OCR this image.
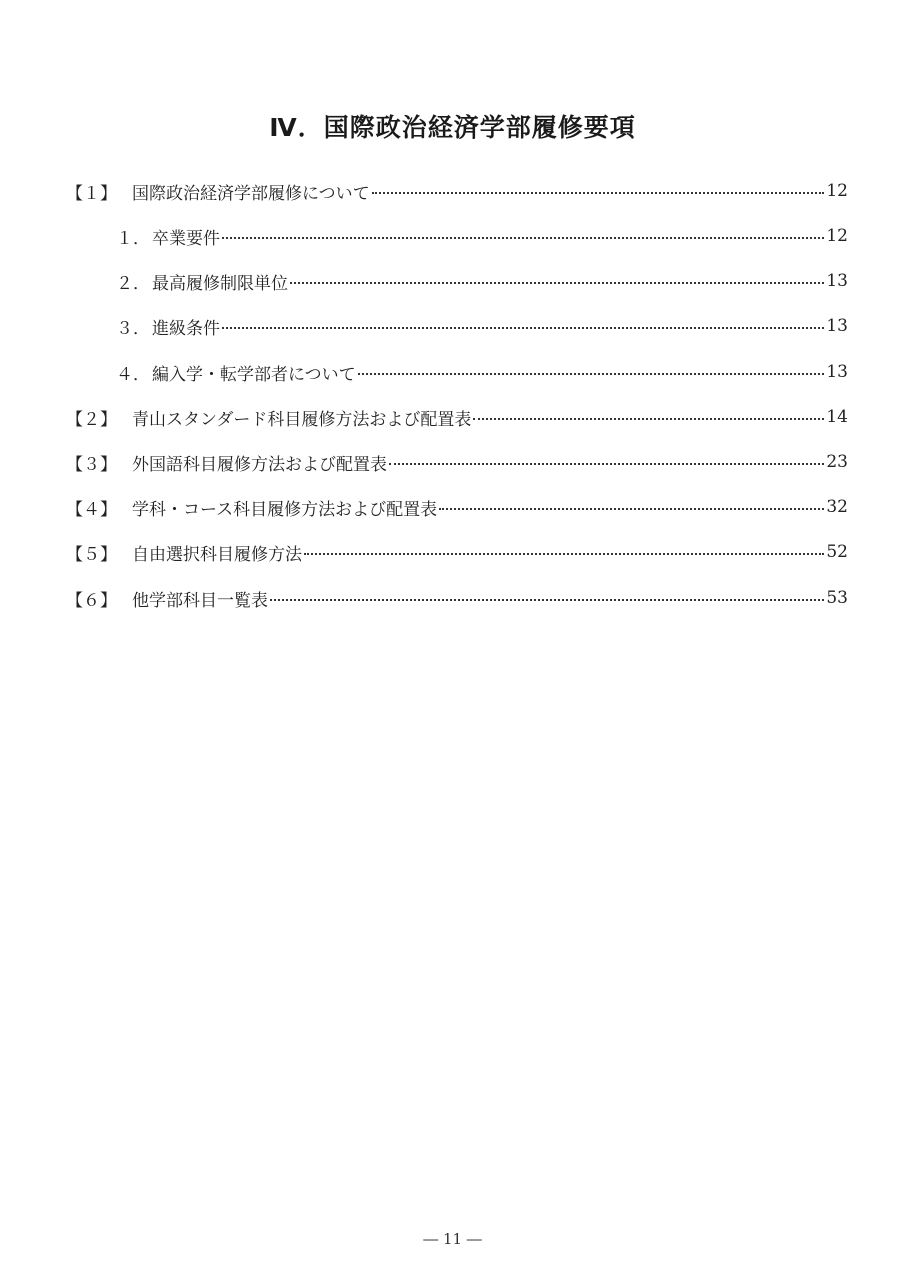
Ⅳ．国際政治経済学部履修要項
【１】 国際政治経済学部履修について	12
１． 卒業要件	12
２． 最高履修制限単位	13
３． 進級条件	13
４． 編入学・転学部者について	13
【２】 青山スタンダード科目履修方法および配置表	14
【３】 外国語科目履修方法および配置表	23
【４】 学科・コース科目履修方法および配置表	32
【５】 自由選択科目履修方法	52
【６】 他学部科目一覧表	53
― 11 ―
